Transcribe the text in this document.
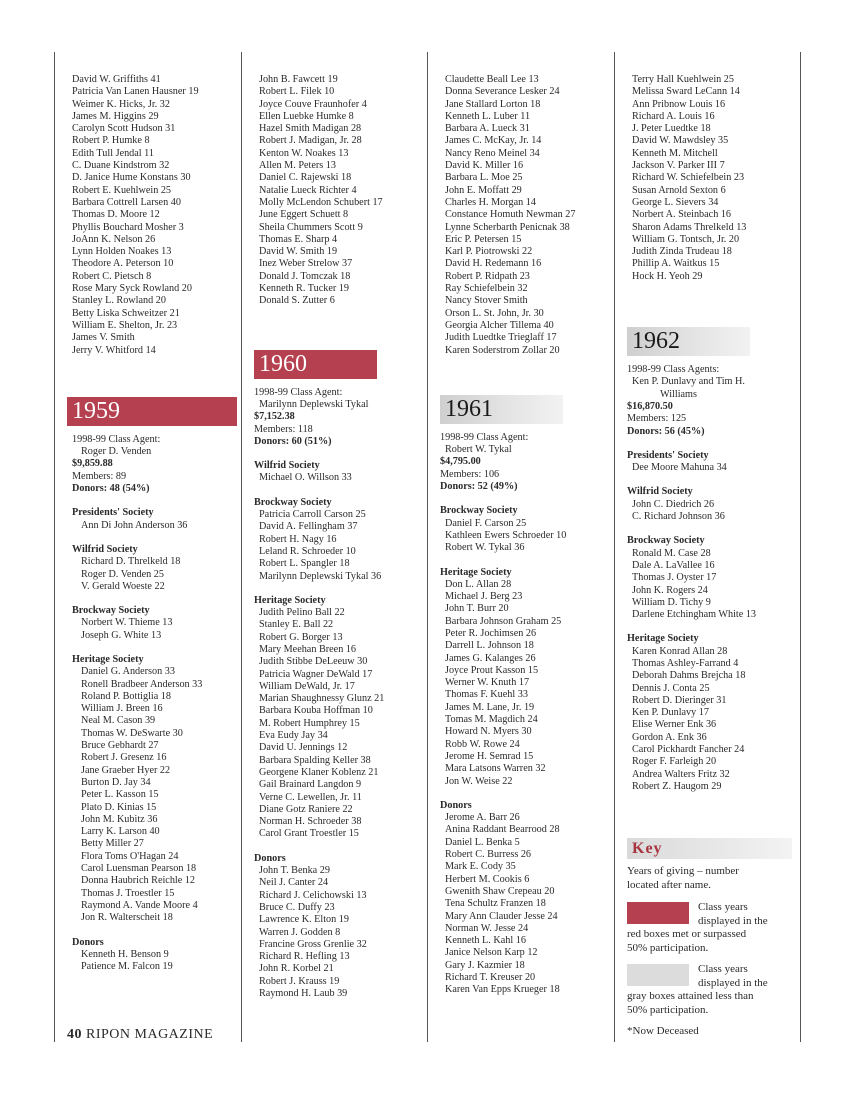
David W. Griffiths 41
Patricia Van Lanen Hausner 19
Weimer K. Hicks, Jr. 32
James M. Higgins 29
Carolyn Scott Hudson 31
Robert P. Humke 8
Edith Tull Jendal 11
C. Duane Kindstrom 32
D. Janice Hume Konstans 30
Robert E. Kuehlwein 25
Barbara Cottrell Larsen 40
Thomas D. Moore 12
Phyllis Bouchard Mosher 3
JoAnn K. Nelson 26
Lynn Holden Noakes 13
Theodore A. Peterson 10
Robert C. Pietsch 8
Rose Mary Syck Rowland 20
Stanley L. Rowland 20
Betty Liska Schweitzer 21
William E. Shelton, Jr. 23
James V. Smith
Jerry V. Whitford 14
1959
1998-99 Class Agent:
Roger D. Venden
$9,859.88
Members: 89
Donors: 48 (54%)
Presidents' Society
Ann Di John Anderson 36
Wilfrid Society
Richard D. Threlkeld 18
Roger D. Venden 25
V. Gerald Woeste 22
Brockway Society
Norbert W. Thieme 13
Joseph G. White 13
Heritage Society
Daniel G. Anderson 33
Ronell Bradbeer Anderson 33
Roland P. Bottiglia 18
William J. Breen 16
Neal M. Cason 39
Thomas W. DeSwarte 30
Bruce Gebhardt 27
Robert J. Gresenz 16
Jane Graeber Hyer 22
Burton D. Jay 34
Peter L. Kasson 15
Plato D. Kinias 15
John M. Kubitz 36
Larry K. Larson 40
Betty Miller 27
Flora Toms O'Hagan 24
Carol Luensman Pearson 18
Donna Haubrich Reichle 12
Thomas J. Troestler 15
Raymond A. Vande Moore 4
Jon R. Walterscheit 18
Donors
Kenneth H. Benson 9
Patience M. Falcon 19
John B. Fawcett 19
Robert L. Filek 10
Joyce Couve Fraunhofer 4
Ellen Luebke Humke 8
Hazel Smith Madigan 28
Robert J. Madigan, Jr. 28
Kenton W. Noakes 13
Allen M. Peters 13
Daniel C. Rajewski 18
Natalie Lueck Richter 4
Molly McLendon Schubert 17
June Eggert Schuett 8
Sheila Chummers Scott 9
Thomas E. Sharp 4
David W. Smith 19
Inez Weber Strelow 37
Donald J. Tomczak 18
Kenneth R. Tucker 19
Donald S. Zutter 6
1960
1998-99 Class Agent:
Marilynn Deplewski Tykal
$7,152.38
Members: 118
Donors: 60 (51%)
Wilfrid Society
Michael O. Willson 33
Brockway Society
Patricia Carroll Carson 25
David A. Fellingham 37
Robert H. Nagy 16
Leland R. Schroeder 10
Robert L. Spangler 18
Marilynn Deplewski Tykal 36
Heritage Society
Judith Pelino Ball 22
Stanley E. Ball 22
Robert G. Borger 13
Mary Meehan Breen 16
Judith Stibbe DeLeeuw 30
Patricia Wagner DeWald 17
William DeWald, Jr. 17
Marian Shaughnessy Glunz 21
Barbara Kouba Hoffman 10
M. Robert Humphrey 15
Eva Eudy Jay 34
David U. Jennings 12
Barbara Spalding Keller 38
Georgene Klaner Koblenz 21
Gail Brainard Langdon 9
Verne C. Lewellen, Jr. 11
Diane Gotz Raniere 22
Norman H. Schroeder 38
Carol Grant Troestler 15
Donors
John T. Benka 29
Neil J. Canter 24
Richard J. Celichowski 13
Bruce C. Duffy 23
Lawrence K. Elton 19
Warren J. Godden 8
Francine Gross Grenlie 32
Richard R. Hefling 13
John R. Korbel 21
Robert J. Krauss 19
Raymond H. Laub 39
Claudette Beall Lee 13
Donna Severance Lesker 24
Jane Stallard Lorton 18
Kenneth L. Luber 11
Barbara A. Lueck 31
James C. McKay, Jr. 14
Nancy Reno Meinel 34
David K. Miller 16
Barbara L. Moe 25
John E. Moffatt 29
Charles H. Morgan 14
Constance Homuth Newman 27
Lynne Scherbarth Penicnak 38
Eric P. Petersen 15
Karl P. Piotrowski 22
David H. Redemann 16
Robert P. Ridpath 23
Ray Schiefelbein 32
Nancy Stover Smith
Orson L. St. John, Jr. 30
Georgia Alcher Tillema 40
Judith Luedtke Trieglaff 17
Karen Soderstrom Zollar 20
1961
1998-99 Class Agent:
Robert W. Tykal
$4,795.00
Members: 106
Donors: 52 (49%)
Brockway Society
Daniel F. Carson 25
Kathleen Ewers Schroeder 10
Robert W. Tykal 36
Heritage Society
Don L. Allan 28
Michael J. Berg 23
John T. Burr 20
Barbara Johnson Graham 25
Peter R. Jochimsen 26
Darrell L. Johnson 18
James G. Kalanges 26
Joyce Prout Kasson 15
Werner W. Knuth 17
Thomas F. Kuehl 33
James M. Lane, Jr. 19
Tomas M. Magdich 24
Howard N. Myers 30
Robb W. Rowe 24
Jerome H. Semrad 15
Mara Latsons Warren 32
Jon W. Weise 22
Donors
Jerome A. Barr 26
Anina Raddant Bearrood 28
Daniel L. Benka 5
Robert C. Burress 26
Mark E. Cody 35
Herbert M. Cookis 6
Gwenith Shaw Crepeau 20
Tena Schultz Franzen 18
Mary Ann Clauder Jesse 24
Norman W. Jesse 24
Kenneth L. Kahl 16
Janice Nelson Karp 12
Gary J. Kazmier 18
Richard T. Kreuser 20
Karen Van Epps Krueger 18
Terry Hall Kuehlwein 25
Melissa Sward LeCann 14
Ann Pribnow Louis 16
Richard A. Louis 16
J. Peter Luedtke 18
David W. Mawdsley 35
Kenneth M. Mitchell
Jackson V. Parker III 7
Richard W. Schiefelbein 23
Susan Arnold Sexton 6
George L. Sievers 34
Norbert A. Steinbach 16
Sharon Adams Threlkeld 13
William G. Tontsch, Jr. 20
Judith Zinda Trudeau 18
Phillip A. Waitkus 15
Hock H. Yeoh 29
1962
1998-99 Class Agents:
Ken P. Dunlavy and Tim H.
Williams
$16,870.50
Members: 125
Donors: 56 (45%)
Presidents' Society
Dee Moore Mahuna 34
Wilfrid Society
John C. Diedrich 26
C. Richard Johnson 36
Brockway Society
Ronald M. Case 28
Dale A. LaVallee 16
Thomas J. Oyster 17
John K. Rogers 24
William D. Tichy 9
Darlene Etchingham White 13
Heritage Society
Karen Konrad Allan 28
Thomas Ashley-Farrand 4
Deborah Dahms Brejcha 18
Dennis J. Conta 25
Robert D. Dieringer 31
Ken P. Dunlavy 17
Elise Werner Enk 36
Gordon A. Enk 36
Carol Pickhardt Fancher 24
Roger F. Farleigh 20
Andrea Walters Fritz 32
Robert Z. Haugom 29
Key
Years of giving – number
located after name.
Class years
displayed in the
red boxes met or surpassed
50% participation.
Class years
displayed in the
gray boxes attained less than
50% participation.
*Now Deceased
40 RIPON MAGAZINE
